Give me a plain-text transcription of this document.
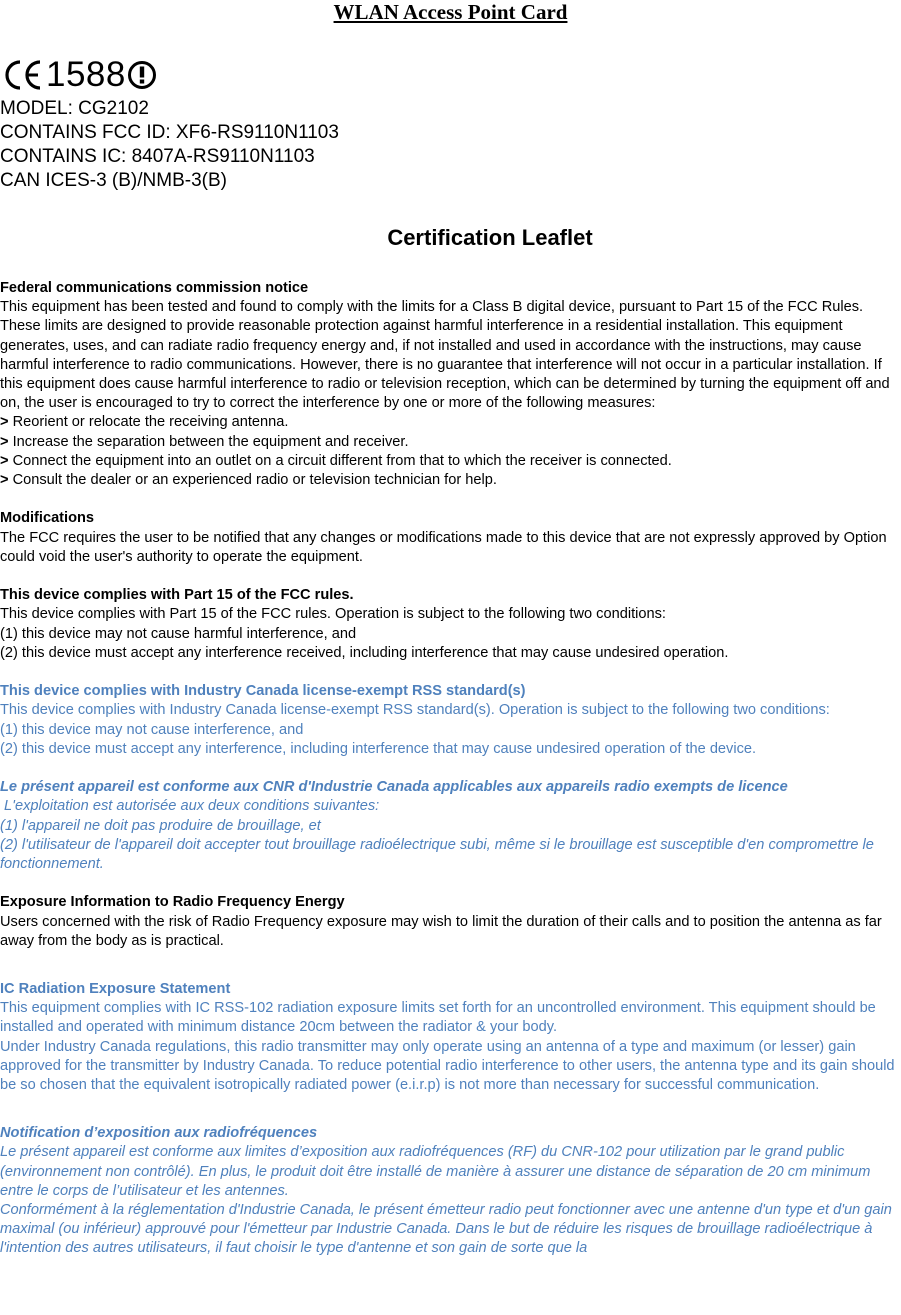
WLAN Access Point Card
1588
MODEL: CG2102
CONTAINS FCC ID: XF6-RS9110N1103
CONTAINS IC: 8407A-RS9110N1103
CAN ICES-3 (B)/NMB-3(B)
Certification Leaflet
Federal communications commission notice

This equipment has been tested and found to comply with the limits for a Class B digital device, pursuant to Part 15 of the FCC Rules. These limits are designed to provide reasonable protection against harmful interference in a residential installation. This equipment generates, uses, and can radiate radio frequency energy and, if not installed and used in accordance with the instructions, may cause harmful interference to radio communications. However, there is no guarantee that interference will not occur in a particular installation. If this equipment does cause harmful interference to radio or television reception, which can be determined by turning the equipment off and on, the user is encouraged to try to correct the interference by one or more of the following measures:

> Reorient or relocate the receiving antenna.
> Increase the separation between the equipment and receiver.
> Connect the equipment into an outlet on a circuit different from that to which the receiver is connected.
> Consult the dealer or an experienced radio or television technician for help.
Modifications

The FCC requires the user to be notified that any changes or modifications made to this device that are not expressly approved by Option could void the user's authority to operate the equipment.

This device complies with Part 15 of the FCC rules.
This device complies with Part 15 of the FCC rules. Operation is subject to the following two conditions:
(1) this device may not cause harmful interference, and
(2) this device must accept any interference received, including interference that may cause undesired operation.
This device complies with Industry Canada license-exempt RSS standard(s)
This device complies with Industry Canada license-exempt RSS standard(s). Operation is subject to the following two conditions:
(1) this device may not cause interference, and
(2) this device must accept any interference, including interference that may cause undesired operation of the device.
Le présent appareil est conforme aux CNR d'Industrie Canada applicables aux appareils radio exempts de licence
L'exploitation est autorisée aux deux conditions suivantes:
(1) l'appareil ne doit pas produire de brouillage, et
(2) l'utilisateur de l'appareil doit accepter tout brouillage radioélectrique subi, même si le brouillage est susceptible d'en compromettre le fonctionnement.
Exposure Information to Radio Frequency Energy

Users concerned with the risk of Radio Frequency exposure may wish to limit the duration of their calls and to position the antenna as far away from the body as is practical.

IC Radiation Exposure Statement

This equipment complies with IC RSS-102 radiation exposure limits set forth for an uncontrolled environment. This equipment should be installed and operated with minimum distance 20cm between the radiator & your body.

Under Industry Canada regulations, this radio transmitter may only operate using an antenna of a type and maximum (or lesser) gain approved for the transmitter by Industry Canada. To reduce potential radio interference to other users, the antenna type and its gain should be so chosen that the equivalent isotropically radiated power (e.i.r.p) is not more than necessary for successful communication.

Notification d’exposition aux radiofréquences

Le présent appareil est conforme aux limites d’exposition aux radiofréquences (RF) du CNR-102 pour utilization par le grand public (environnement non contrôlé). En plus, le produit doit être installé de manière à assurer une distance de séparation de 20 cm minimum entre le corps de l’utilisateur et les antennes.

Conformément à la réglementation d'Industrie Canada, le présent émetteur radio peut fonctionner avec une antenne d'un type et d'un gain maximal (ou inférieur) approuvé pour l'émetteur par Industrie Canada. Dans le but de réduire les risques de brouillage radioélectrique à l'intention des autres utilisateurs, il faut choisir le type d'antenne et son gain de sorte que la
